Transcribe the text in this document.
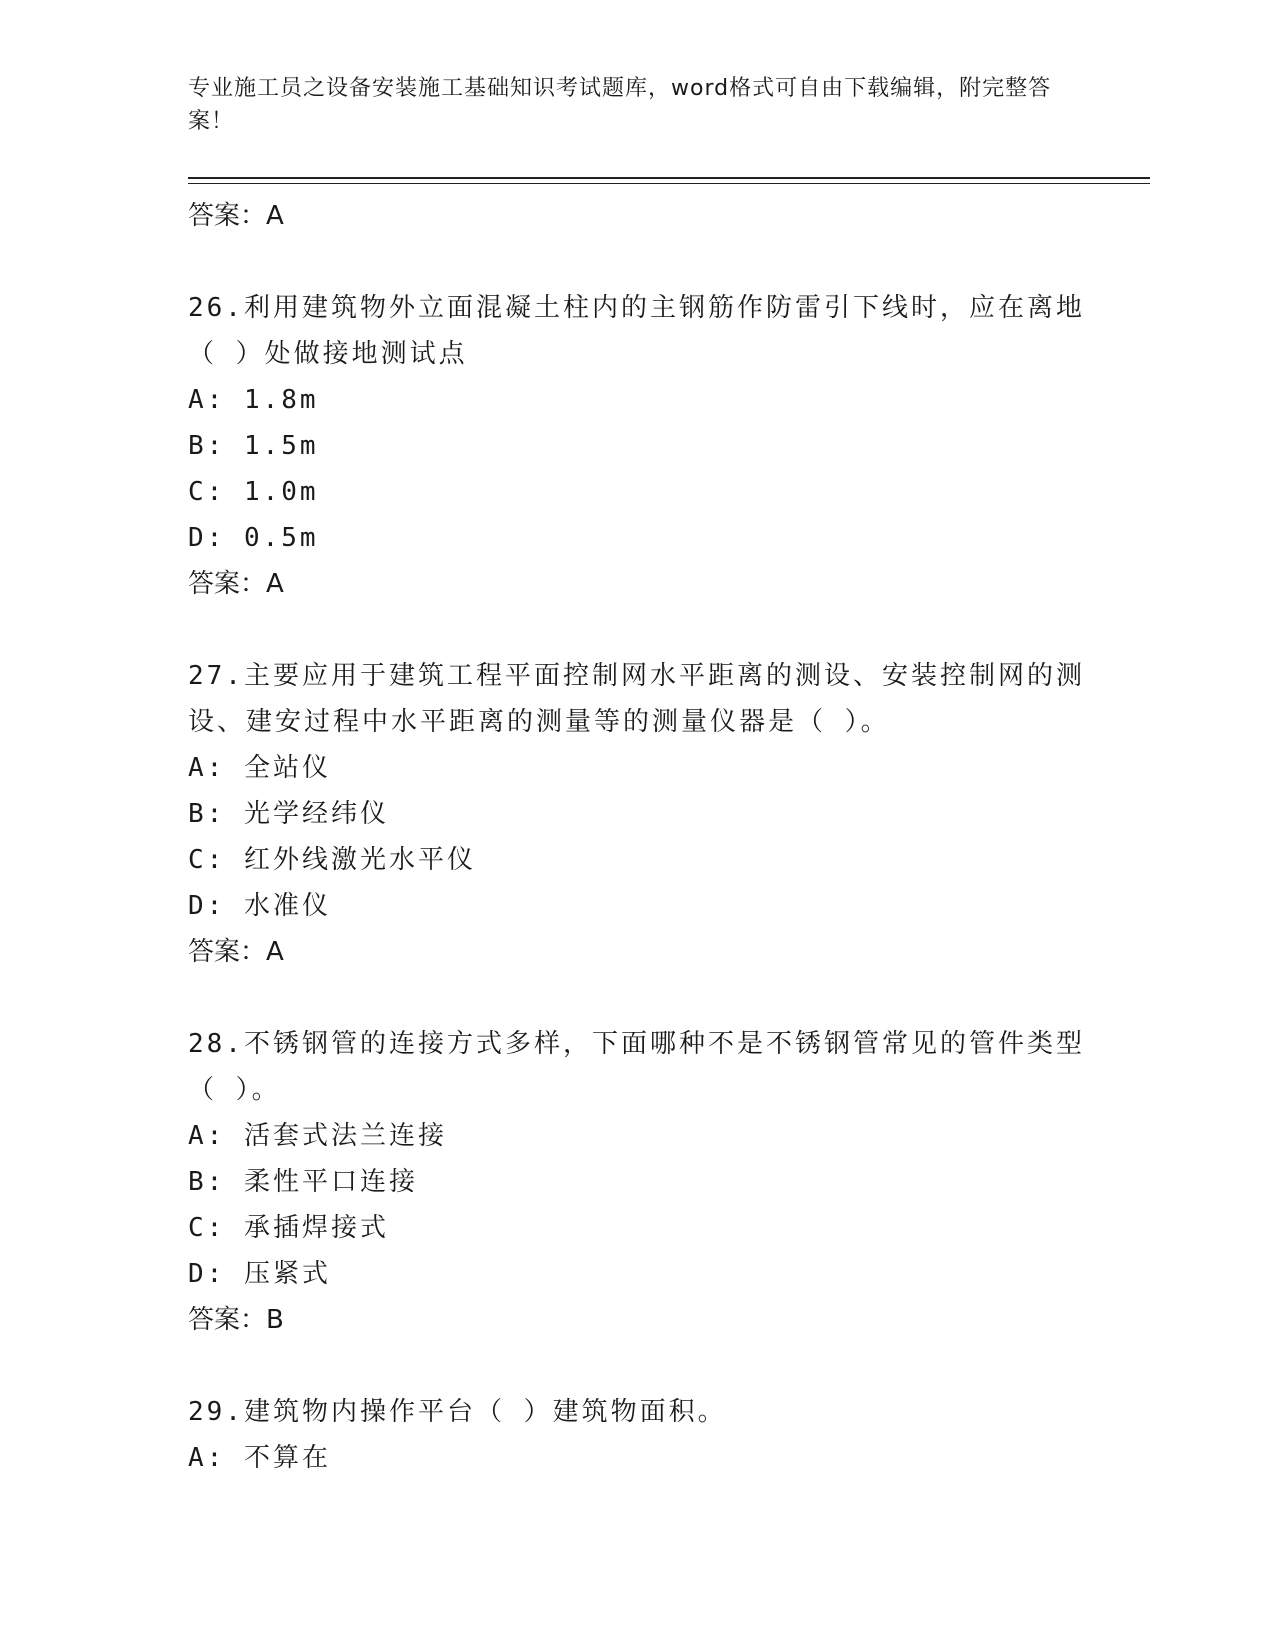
专业施工员之设备安装施工基础知识考试题库，word格式可自由下载编辑，附完整答案！
答案：A
26.利用建筑物外立面混凝土柱内的主钢筋作防雷引下线时，应在离地（ ）处做接地测试点
A: 1.8m
B: 1.5m
C: 1.0m
D: 0.5m
答案：A
27.主要应用于建筑工程平面控制网水平距离的测设、安装控制网的测设、建安过程中水平距离的测量等的测量仪器是（ ）。
A: 全站仪
B: 光学经纬仪
C: 红外线激光水平仪
D: 水准仪
答案：A
28.不锈钢管的连接方式多样，下面哪种不是不锈钢管常见的管件类型（ ）。
A: 活套式法兰连接
B: 柔性平口连接
C: 承插焊接式
D: 压紧式
答案：B
29.建筑物内操作平台（ ）建筑物面积。
A: 不算在
